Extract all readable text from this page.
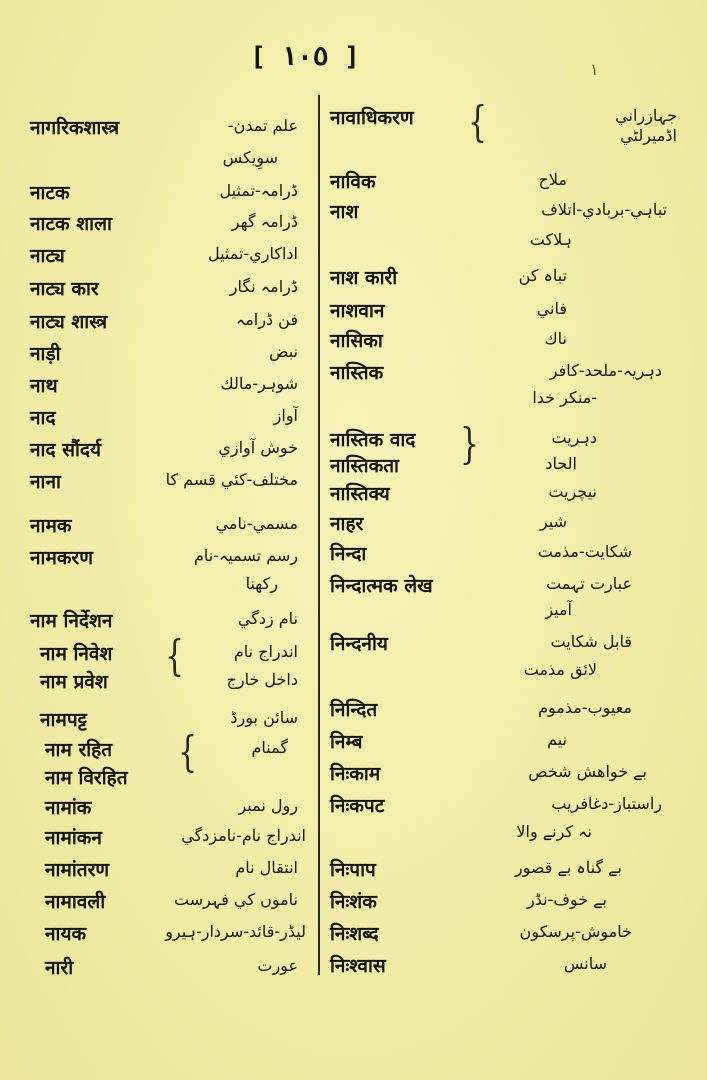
[ ١٠٥ ]	۱
नागरिकशास्त्र	علم تمدن-
سوِيكس
नाटक	ڈرامہ-تمثيل
नाटक शाला	ڈرامہ گھر
नाट्य	اداكاري-تمثيل
नाट्य कार	ڈرامہ نگار
नाट्य शास्त्र	فن ڈرامہ
नाड़ी	نبض
नाथ	شوہر-مالك
नाद	آواز
नाद सौंदर्य	خوش آوازي
नाना	مختلف-كئي قسم كا
नामक	مسمي-نامي
नामकरण	رسم تسميہ-نام
ركھنا
नाम निर्देशन	نام زدگي
नाम निवेश	اندراج نام
नाम प्रवेश	داخل خارج
{
नामपट्ट	سائن بورڈ
नाम रहित	گمنام
नाम विरहित
{
नामांक	رول نمبر
नामांकन	اندراج نام-نامزدگي
नामांतरण	انتقال نام
नामावली	ناموں كي فہرست
नायक	ليڈر-قائد-سردار-ہيرو
नारी	عورت
नावाधिकरण	جہازراني
اڈميرلٹي
{
नाविक	ملاح
नाश	تباہي-بربادي-اتلاف
ہلاكت
नाश कारी	تباہ كن
नाशवान	فاني
नासिका	ناك
नास्तिक	دہريہ-ملحد-كافر
-منكر خدا
नास्तिक वाद	دہريت
नास्तिकता	الحاد
नास्तिक्य	نيچريت
}
नाहर	شير
निन्दा	شكايت-مذمت
निन्दात्मक लेख	عبارت تہمت
آميز
निन्दनीय	قابل شكايت
لائق مذمت
निन्दित	معيوب-مذموم
निम्ब	نيم
निःकाम	بے خواھش شخص
निःकपट	راستباز-دغافريب
نہ كرنے والا
निःपाप	بے گناہ بے قصور
निःशंक	بے خوف-نڈر
निःशब्द	خاموش-پرسكون
निःश्वास	سانس
